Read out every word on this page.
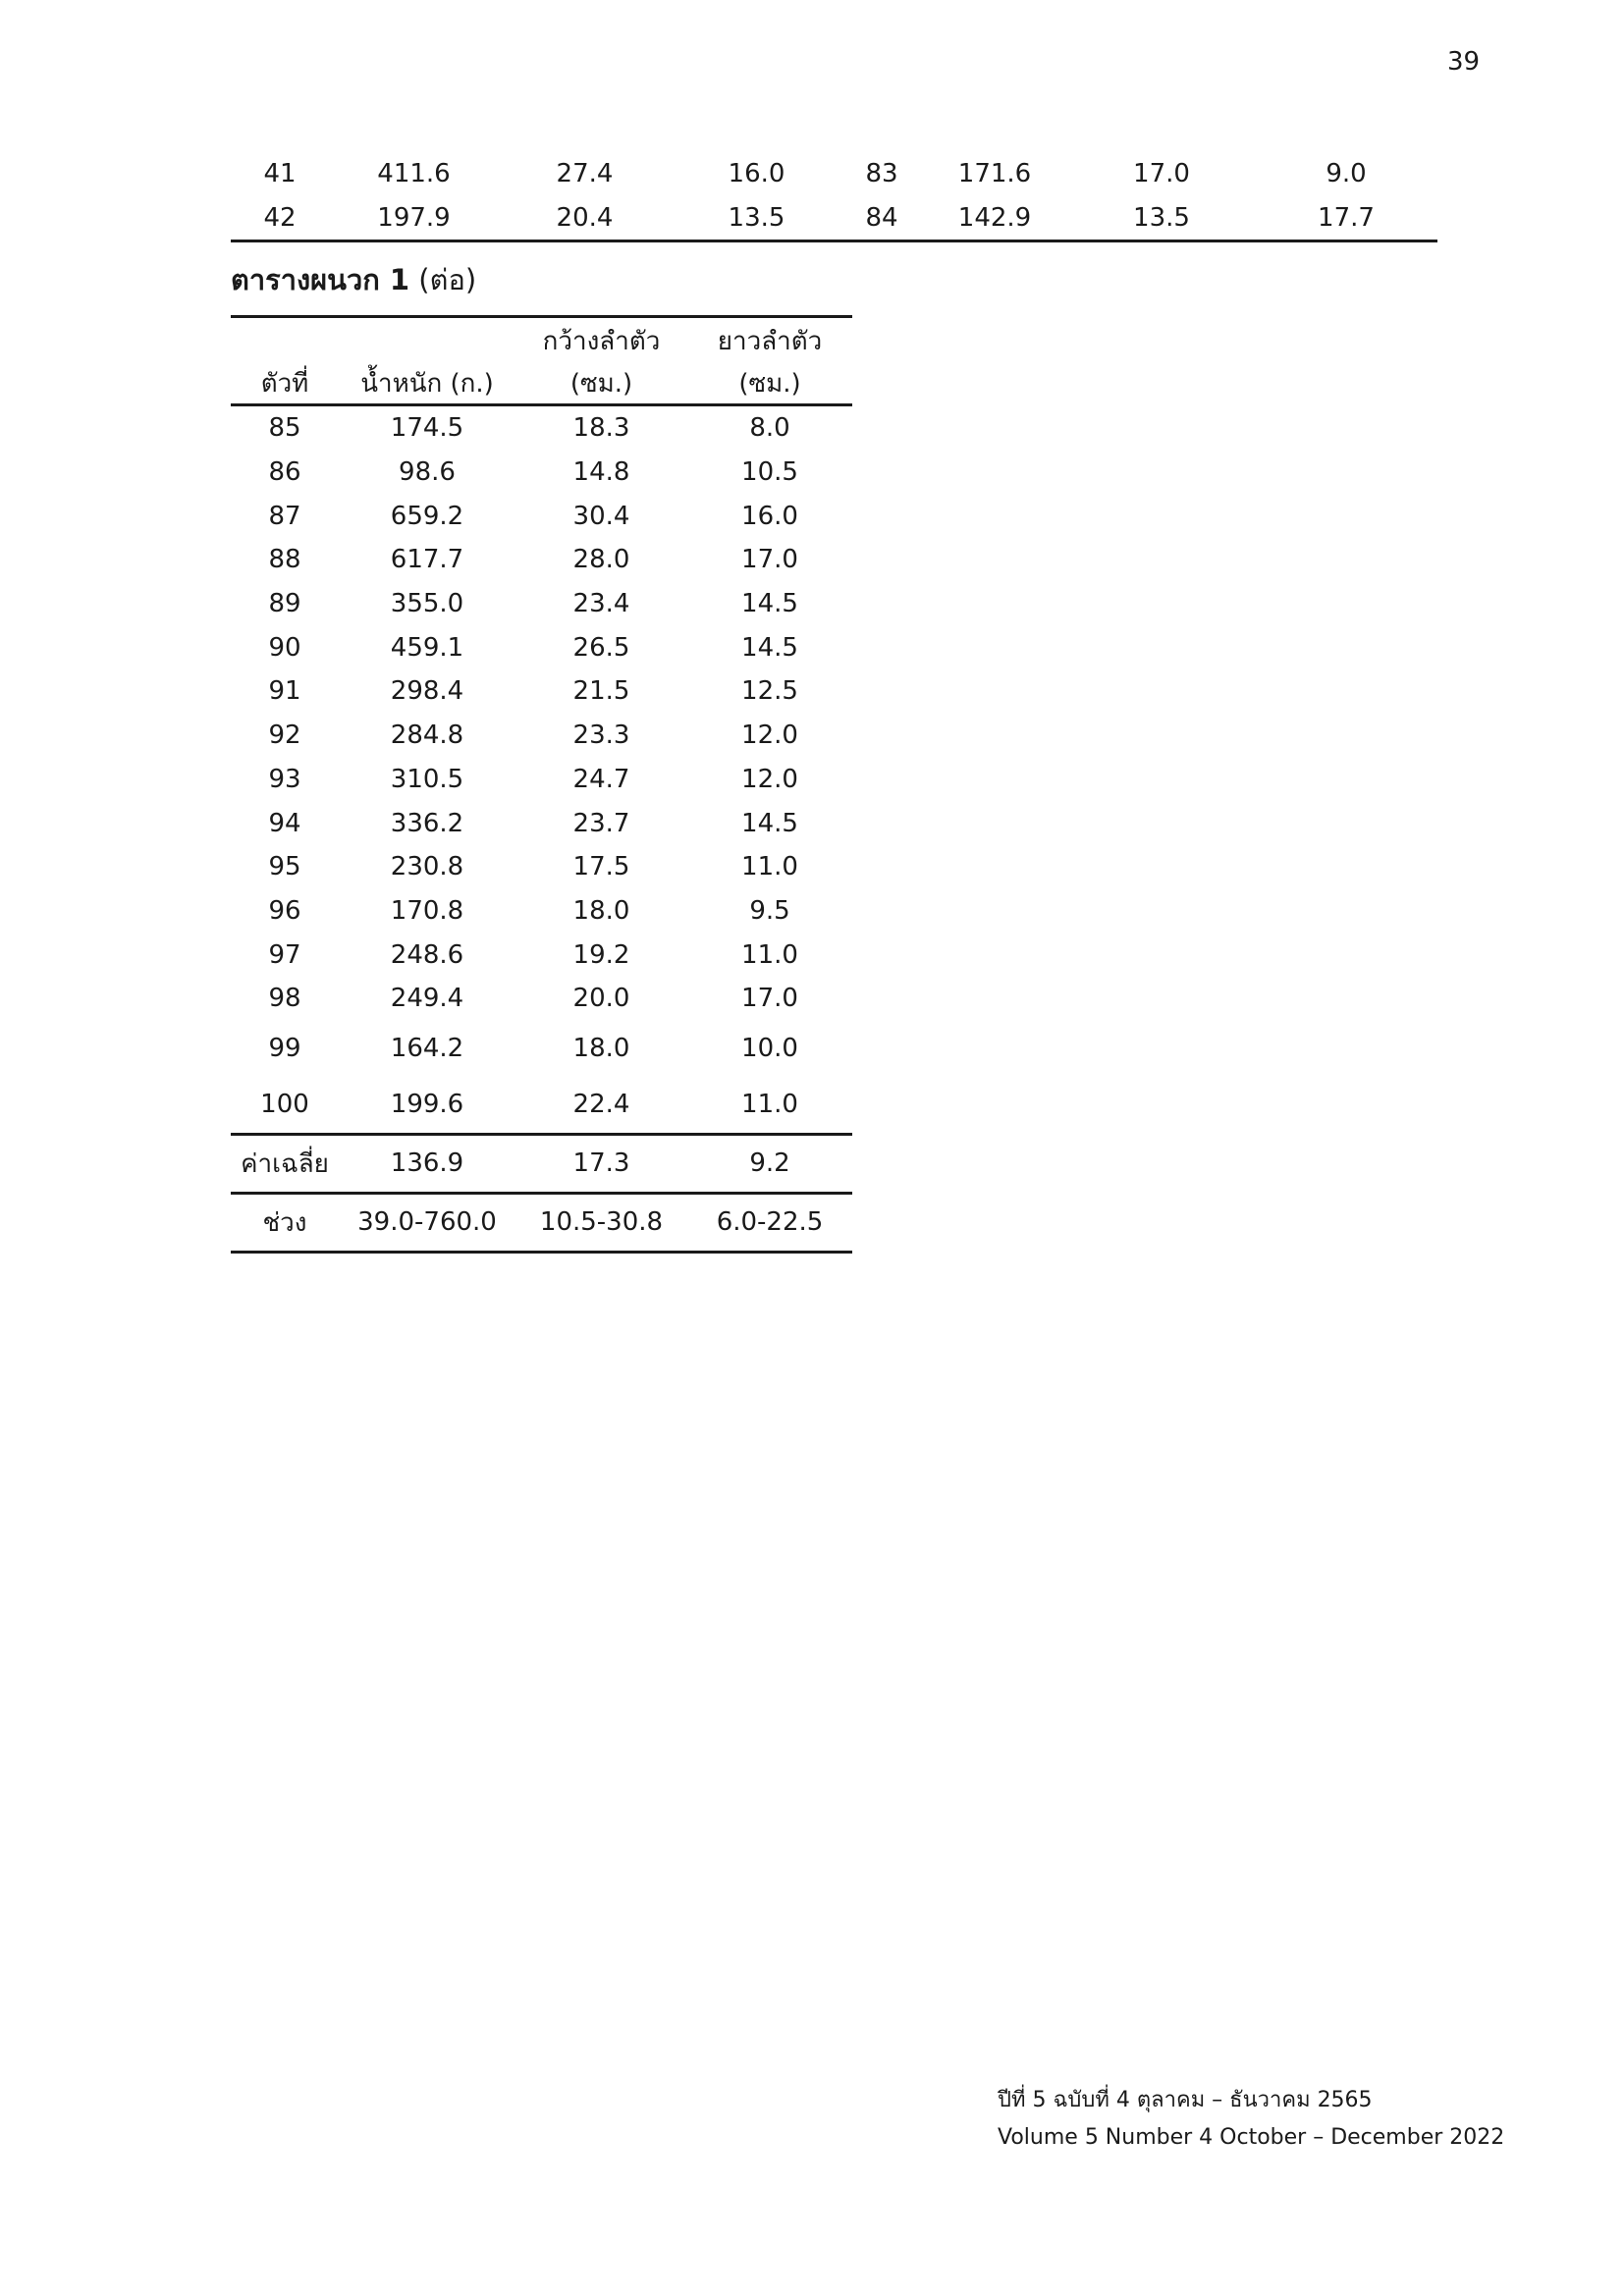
39
41	411.6	27.4	16.0	83	171.6	17.0	9.0
42	197.9	20.4	13.5	84	142.9	13.5	17.7
ตารางผนวก 1 (ต่อ)
		กว้างลำตัว	ยาวลำตัว
ตัวที่	น้ำหนัก (ก.)	(ซม.)	(ซม.)
85	174.5	18.3	8.0
86	98.6	14.8	10.5
87	659.2	30.4	16.0
88	617.7	28.0	17.0
89	355.0	23.4	14.5
90	459.1	26.5	14.5
91	298.4	21.5	12.5
92	284.8	23.3	12.0
93	310.5	24.7	12.0
94	336.2	23.7	14.5
95	230.8	17.5	11.0
96	170.8	18.0	9.5
97	248.6	19.2	11.0
98	249.4	20.0	17.0
99	164.2	18.0	10.0
100	199.6	22.4	11.0
ค่าเฉลี่ย	136.9	17.3	9.2
ช่วง	39.0-760.0	10.5-30.8	6.0-22.5
ปีที่ 5 ฉบับที่ 4 ตุลาคม – ธันวาคม 2565
Volume 5 Number 4 October – December 2022
